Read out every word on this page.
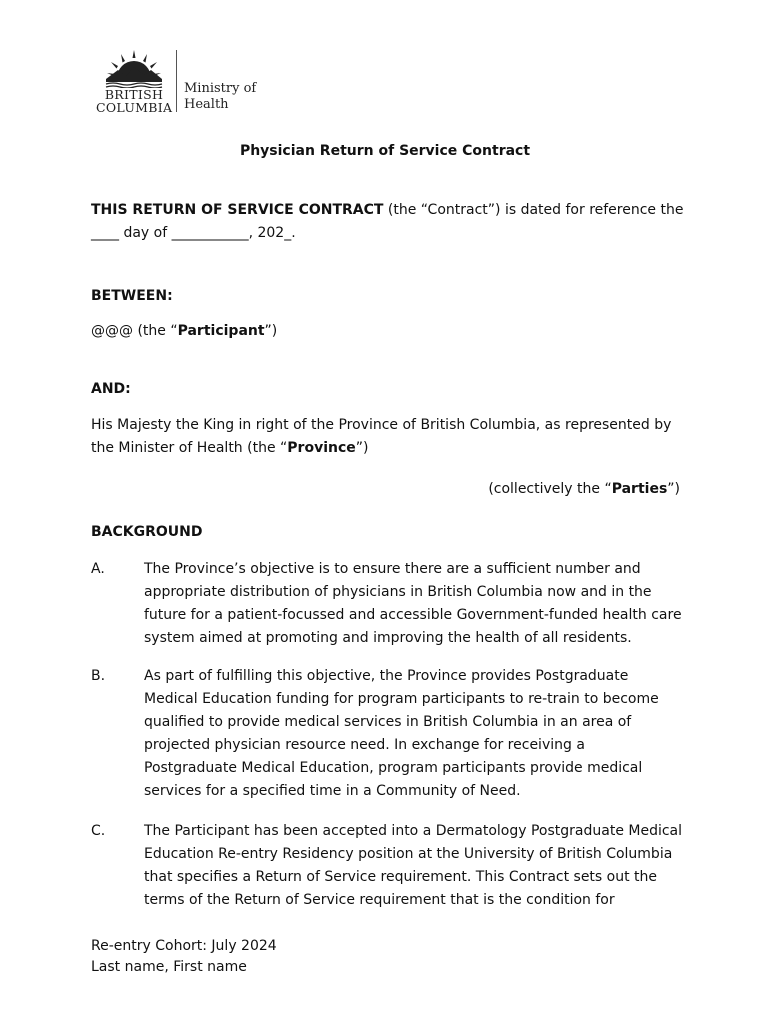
BRITISH
COLUMBIA
Ministry of
Health
Physician Return of Service Contract

THIS RETURN OF SERVICE CONTRACT (the “Contract”) is dated for reference the ____ day of ___________, 202_.

BETWEEN:

@@@ (the “Participant”)

AND:

His Majesty the King in right of the Province of British Columbia, as represented by the Minister of Health (the “Province”)

(collectively the “Parties”)

BACKGROUND

A.	The Province’s objective is to ensure there are a sufficient number and appropriate distribution of physicians in British Columbia now and in the future for a patient-focussed and accessible Government-funded health care system aimed at promoting and improving the health of all residents.
B.	As part of fulfilling this objective, the Province provides Postgraduate Medical Education funding for program participants to re-train to become qualified to provide medical services in British Columbia in an area of projected physician resource need. In exchange for receiving a Postgraduate Medical Education, program participants provide medical services for a specified time in a Community of Need.
C.	The Participant has been accepted into a Dermatology Postgraduate Medical Education Re-entry Residency position at the University of British Columbia that specifies a Return of Service requirement. This Contract sets out the terms of the Return of Service requirement that is the condition for
Re-entry Cohort: July 2024
Last name, First name
